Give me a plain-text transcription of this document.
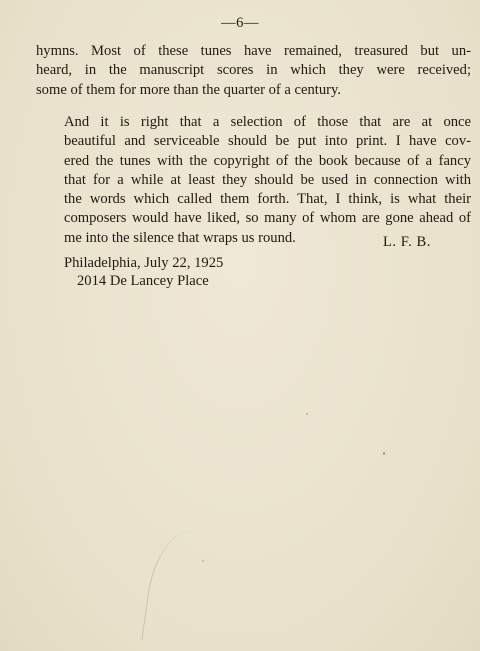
—6—
hymns. Most of these tunes have remained, treasured but un-
heard, in the manuscript scores in which they were received;
some of them for more than the quarter of a century.
And it is right that a selection of those that are at once
beautiful and serviceable should be put into print. I have cov-
ered the tunes with the copyright of the book because of a fancy
that for a while at least they should be used in connection with
the words which called them forth. That, I think, is what their
composers would have liked, so many of whom are gone ahead of
me into the silence that wraps us round.	L. F. B.
Philadelphia, July 22, 1925
2014 De Lancey Place
